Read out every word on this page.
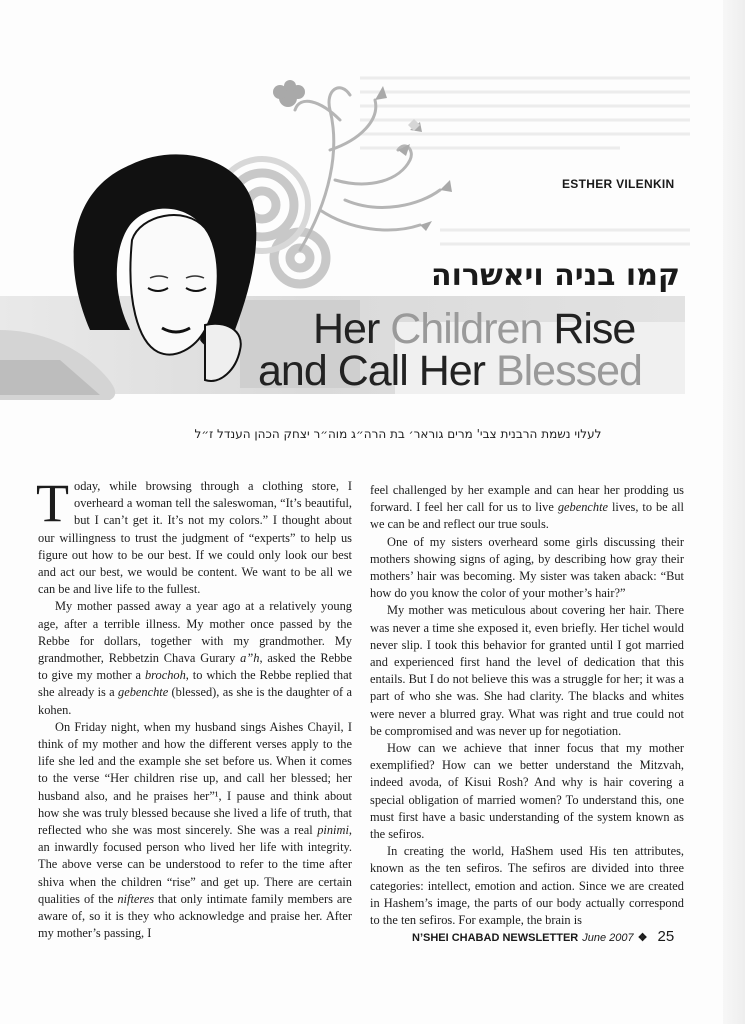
ESTHER VILENKIN
קמו בניה ויאשרוה
Her Children Rise
and Call Her Blessed
לעלוי נשמת הרבנית צבי' מרים גוראר׳ בת הרה״ג מוה״ר יצחק הכהן הענדל ז״ל

Today, while browsing through a clothing store, I overheard a woman tell the saleswoman, “It’s beautiful, but I can’t get it. It’s not my colors.” I thought about our willingness to trust the judgment of “experts” to help us figure out how to be our best. If we could only look our best and act our best, we would be content. We want to be all we can be and live life to the fullest.

My mother passed away a year ago at a relatively young age, after a terrible illness. My mother once passed by the Rebbe for dollars, together with my grandmother. My grandmother, Rebbetzin Chava Gurary a”h, asked the Rebbe to give my mother a brochoh, to which the Rebbe replied that she already is a gebenchte (blessed), as she is the daughter of a kohen.

On Friday night, when my husband sings Aishes Chayil, I think of my mother and how the different verses apply to the life she led and the example she set before us. When it comes to the verse “Her children rise up, and call her blessed; her husband also, and he praises her”¹, I pause and think about how she was truly blessed because she lived a life of truth, that reflected who she was most sincerely. She was a real pinimi, an inwardly focused person who lived her life with integrity. The above verse can be understood to refer to the time after shiva when the children “rise” and get up. There are certain qualities of the nifteres that only intimate family members are aware of, so it is they who acknowledge and praise her. After my mother’s passing, I

feel challenged by her example and can hear her prodding us forward. I feel her call for us to live gebenchte lives, to be all we can be and reflect our true souls.

One of my sisters overheard some girls discussing their mothers showing signs of aging, by describing how gray their mothers’ hair was becoming. My sister was taken aback: “But how do you know the color of your mother’s hair?”

My mother was meticulous about covering her hair. There was never a time she exposed it, even briefly. Her tichel would never slip. I took this behavior for granted until I got married and experienced first hand the level of dedication that this entails. But I do not believe this was a struggle for her; it was a part of who she was. She had clarity. The blacks and whites were never a blurred gray. What was right and true could not be compromised and was never up for negotiation.

How can we achieve that inner focus that my mother exemplified? How can we better understand the Mitzvah, indeed avoda, of Kisui Rosh? And why is hair covering a special obligation of married women? To understand this, one must first have a basic understanding of the system known as the sefiros.

In creating the world, HaShem used His ten attributes, known as the ten sefiros. The sefiros are divided into three categories: intellect, emotion and action. Since we are created in Hashem’s image, the parts of our body actually correspond to the ten sefiros. For example, the brain is

N’SHEI CHABAD NEWSLETTER June 2007 ❖ 25
